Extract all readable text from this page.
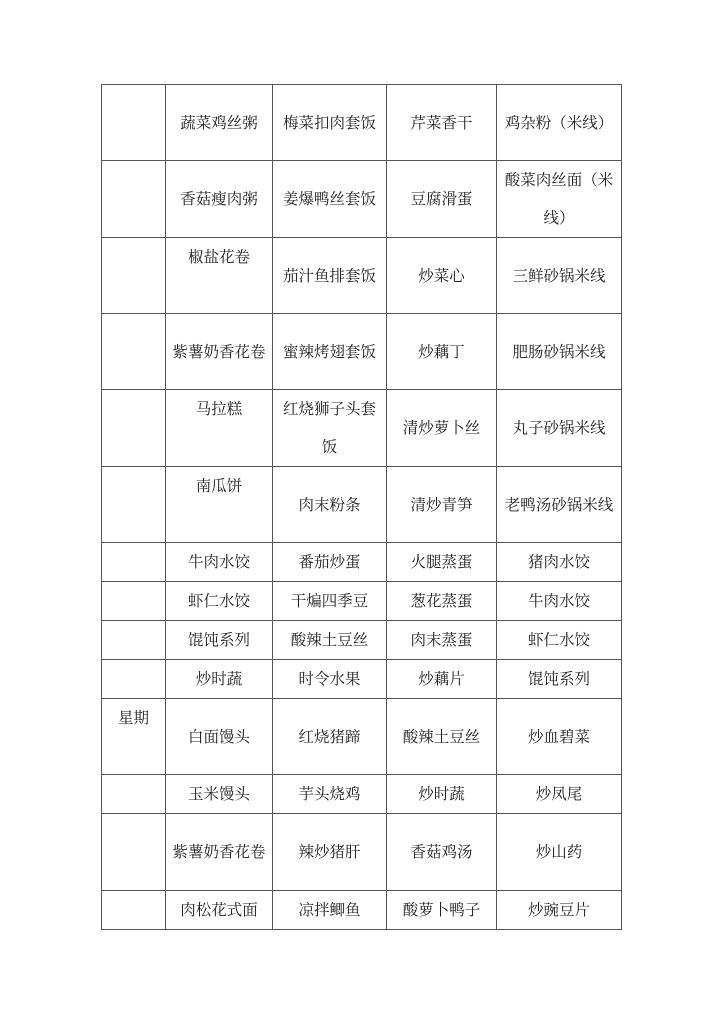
	蔬菜鸡丝粥	梅菜扣肉套饭	芹菜香干	鸡杂粉（米线）
	香菇瘦肉粥	姜爆鸭丝套饭	豆腐滑蛋	酸菜肉丝面（米线）
	椒盐花卷	茄汁鱼排套饭	炒菜心	三鲜砂锅米线
	紫薯奶香花卷	蜜辣烤翅套饭	炒藕丁	肥肠砂锅米线
	马拉糕	红烧狮子头套饭	清炒萝卜丝	丸子砂锅米线
	南瓜饼	肉末粉条	清炒青笋	老鸭汤砂锅米线
	牛肉水饺	番茄炒蛋	火腿蒸蛋	猪肉水饺
	虾仁水饺	干煸四季豆	葱花蒸蛋	牛肉水饺
	馄饨系列	酸辣土豆丝	肉末蒸蛋	虾仁水饺
	炒时蔬	时令水果	炒藕片	馄饨系列
星期	白面馒头	红烧猪蹄	酸辣土豆丝	炒血碧菜
	玉米馒头	芋头烧鸡	炒时蔬	炒凤尾
	紫薯奶香花卷	辣炒猪肝	香菇鸡汤	炒山药
	肉松花式面	凉拌鲫鱼	酸萝卜鸭子	炒豌豆片
